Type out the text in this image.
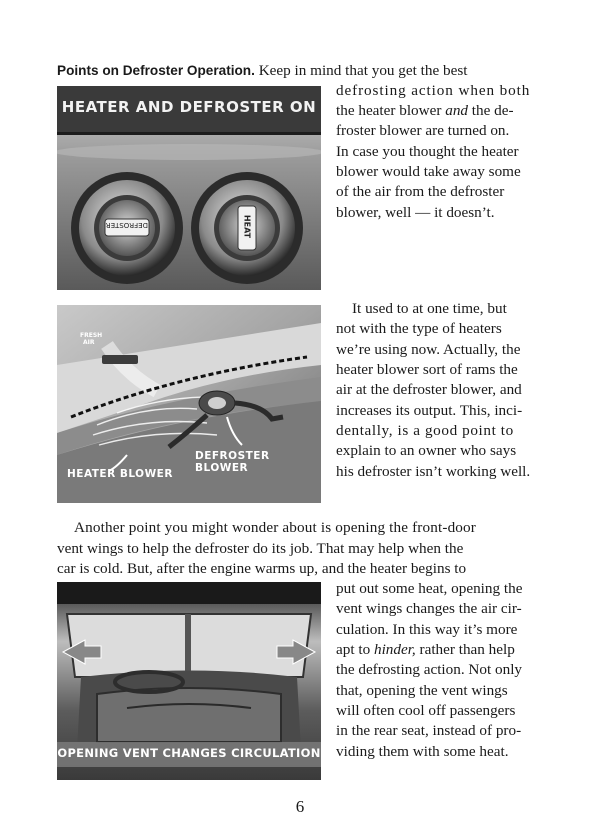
Points on Defroster Operation. Keep in mind that you get the best
defrosting action when both
the heater blower and the de-
froster blower are turned on.
In case you thought the heater
blower would take away some
of the air from the defroster
blower, well — it doesn’t.
HEATER AND DEFROSTER ON
DEFROSTER	HEAT
It used to at one time, but
not with the type of heaters
we’re using now. Actually, the
heater blower sort of rams the
air at the defroster blower, and
increases its output. This, inci-
dentally, is a good point to
explain to an owner who says
his defroster isn’t working well.
FRESH
AIR
DEFROSTER BLOWER
HEATER BLOWER
Another point you might wonder about is opening the front-door
vent wings to help the defroster do its job. That may help when the
car is cold. But, after the engine warms up, and the heater begins to
put out some heat, opening the
vent wings changes the air cir-
culation. In this way it’s more
apt to hinder, rather than help
the defrosting action. Not only
that, opening the vent wings
will often cool off passengers
in the rear seat, instead of pro-
viding them with some heat.
OPENING VENT CHANGES CIRCULATION
6
